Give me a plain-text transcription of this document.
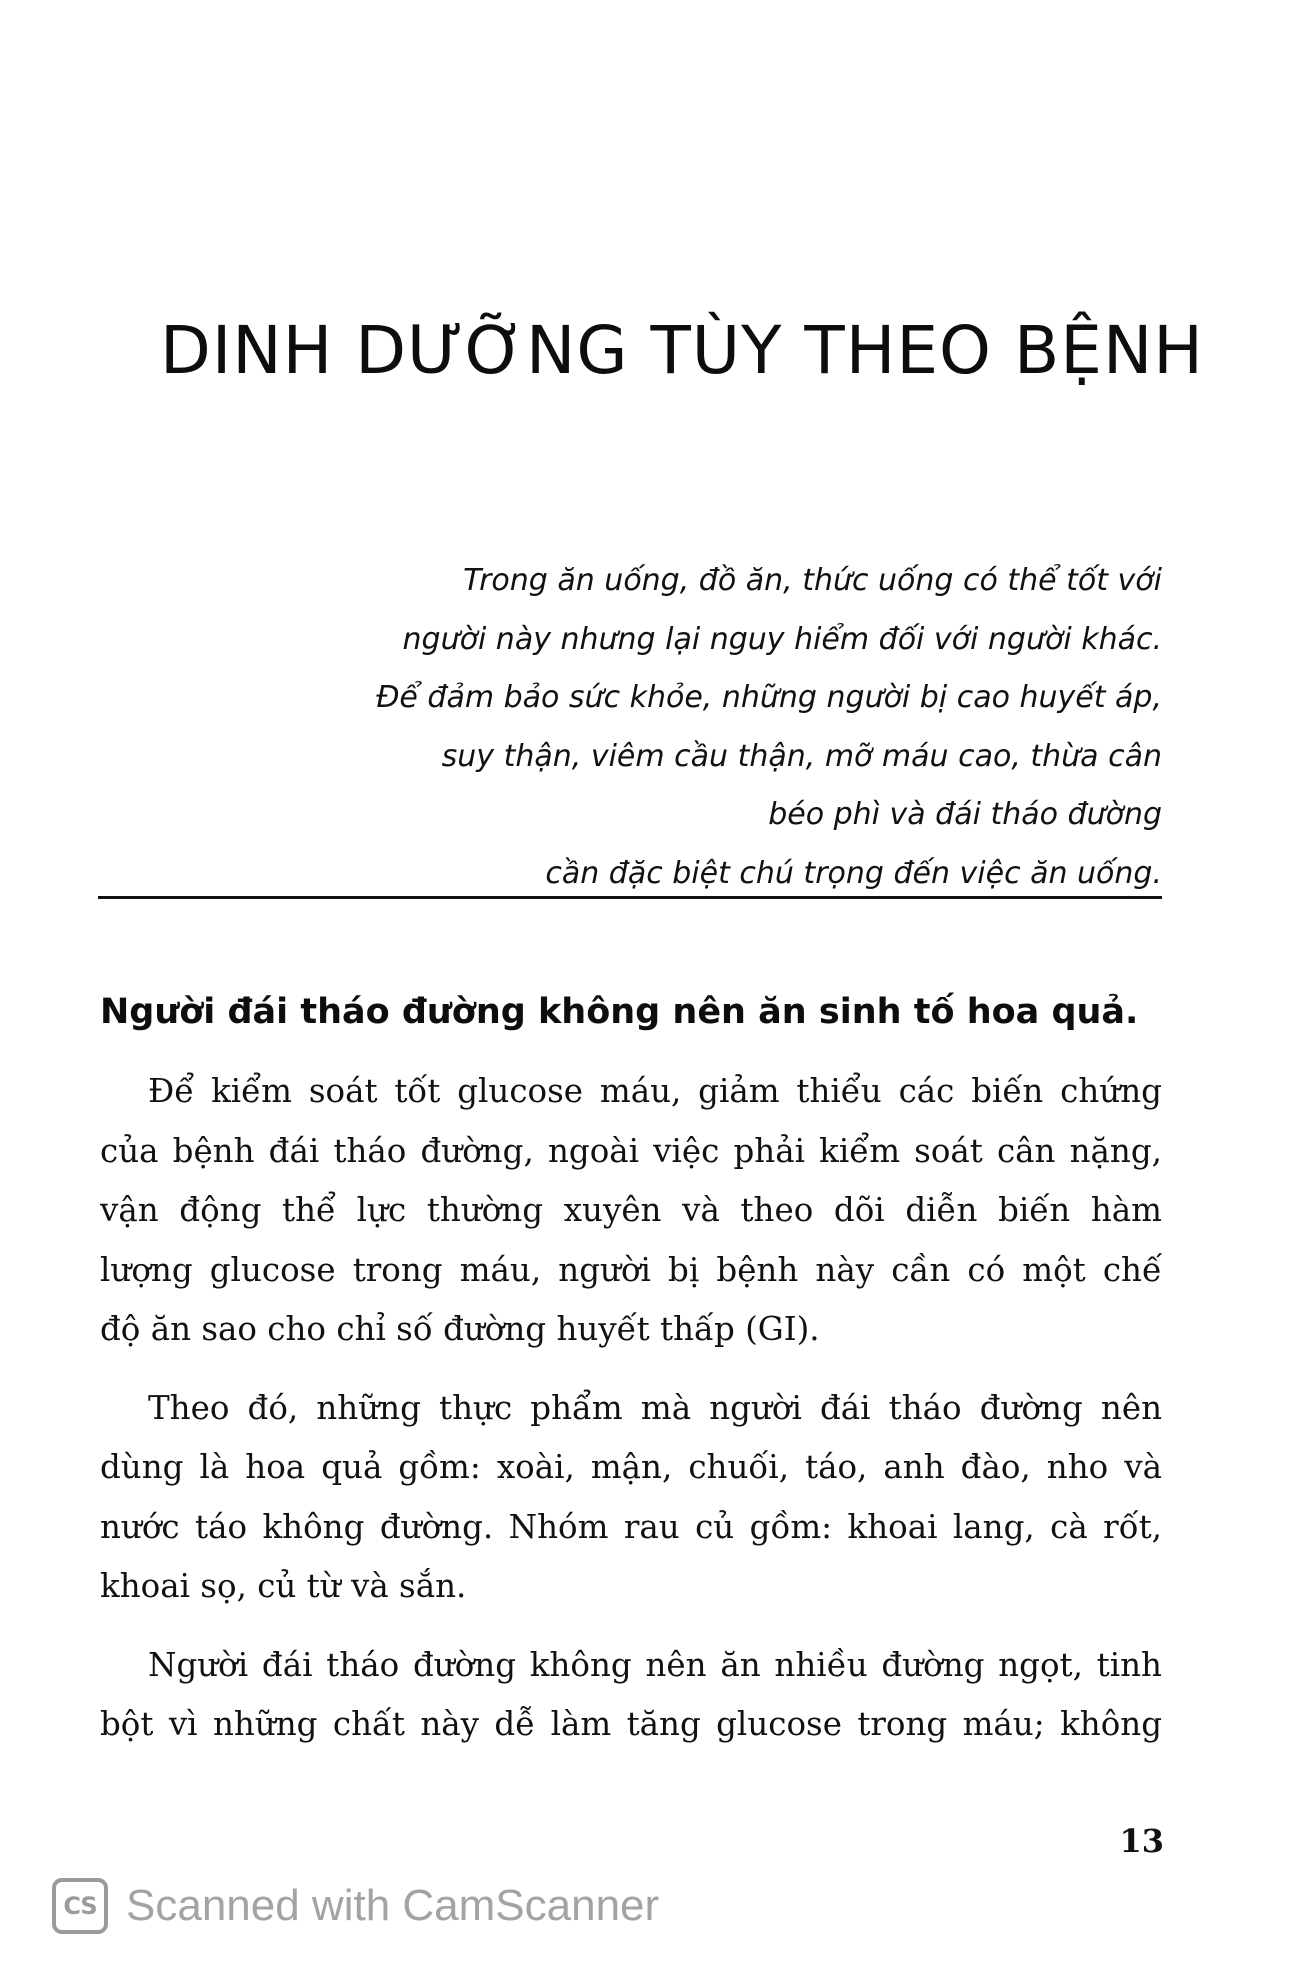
DINH DƯỠNG TÙY THEO BỆNH
Trong ăn uống, đồ ăn, thức uống có thể tốt với
người này nhưng lại nguy hiểm đối với người khác.
Để đảm bảo sức khỏe, những người bị cao huyết áp,
suy thận, viêm cầu thận, mỡ máu cao, thừa cân
béo phì và đái tháo đường
cần đặc biệt chú trọng đến việc ăn uống.
Người đái tháo đường không nên ăn sinh tố hoa quả.

Để kiểm soát tốt glucose máu, giảm thiểu các biến chứng
của bệnh đái tháo đường, ngoài việc phải kiểm soát cân nặng,
vận động thể lực thường xuyên và theo dõi diễn biến hàm
lượng glucose trong máu, người bị bệnh này cần có một chế
độ ăn sao cho chỉ số đường huyết thấp (GI).

Theo đó, những thực phẩm mà người đái tháo đường nên
dùng là hoa quả gồm: xoài, mận, chuối, táo, anh đào, nho và
nước táo không đường. Nhóm rau củ gồm: khoai lang, cà rốt,
khoai sọ, củ từ và sắn.

Người đái tháo đường không nên ăn nhiều đường ngọt, tinh
bột vì những chất này dễ làm tăng glucose trong máu; không

13
CS Scanned with CamScanner
